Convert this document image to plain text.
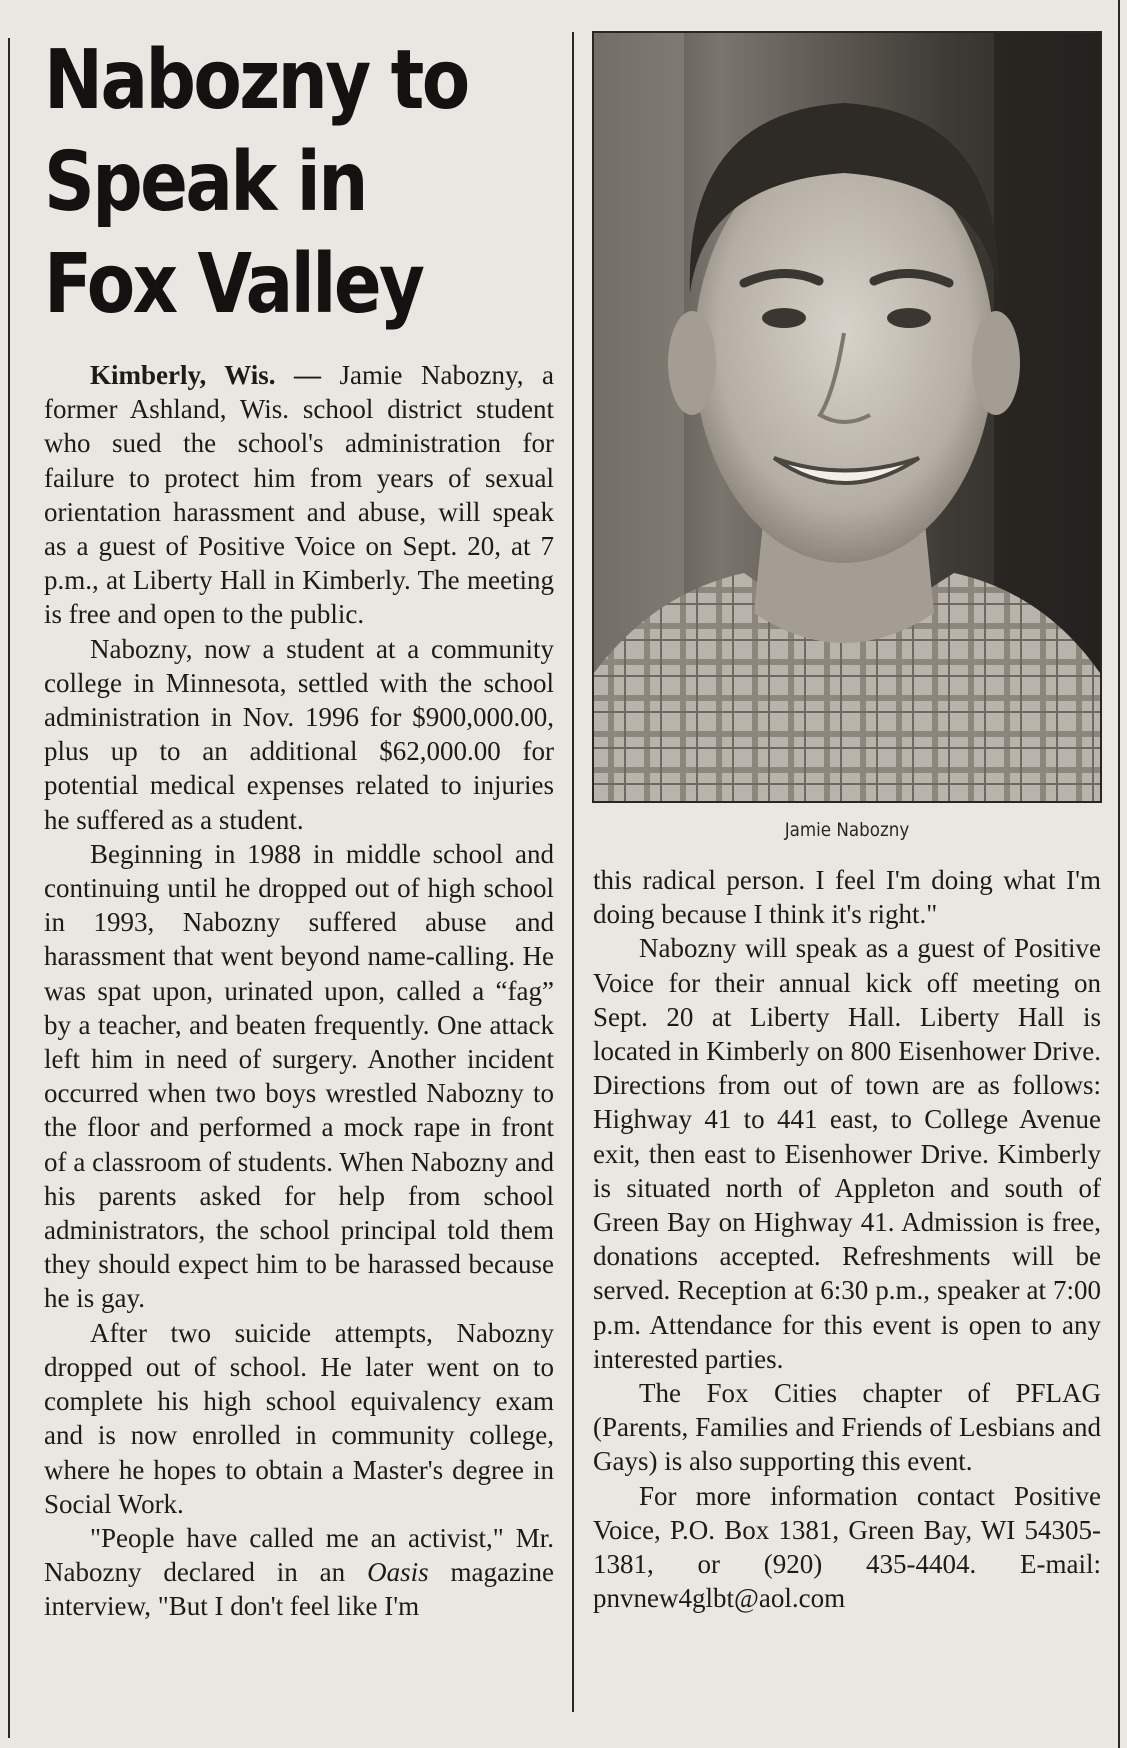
Nabozny to Speak in Fox Valley

Kimberly, Wis. — Jamie Nabozny, a former Ashland, Wis. school district student who sued the school's administration for failure to protect him from years of sexual orientation harassment and abuse, will speak as a guest of Positive Voice on Sept. 20, at 7 p.m., at Liberty Hall in Kimberly. The meeting is free and open to the public.

Nabozny, now a student at a community college in Minnesota, settled with the school administration in Nov. 1996 for $900,000.00, plus up to an additional $62,000.00 for potential medical expenses related to injuries he suffered as a student.

Beginning in 1988 in middle school and continuing until he dropped out of high school in 1993, Nabozny suffered abuse and harassment that went beyond name-calling. He was spat upon, urinated upon, called a “fag” by a teacher, and beaten frequently. One attack left him in need of surgery. Another incident occurred when two boys wrestled Nabozny to the floor and performed a mock rape in front of a classroom of students. When Nabozny and his parents asked for help from school administrators, the school principal told them they should expect him to be harassed because he is gay.

After two suicide attempts, Nabozny dropped out of school. He later went on to complete his high school equivalency exam and is now enrolled in community college, where he hopes to obtain a Master's degree in Social Work.

"People have called me an activist," Mr. Nabozny declared in an Oasis magazine interview, "But I don't feel like I'm

Jamie Nabozny

this radical person. I feel I'm doing what I'm doing because I think it's right."

Nabozny will speak as a guest of Positive Voice for their annual kick off meeting on Sept. 20 at Liberty Hall. Liberty Hall is located in Kimberly on 800 Eisenhower Drive. Directions from out of town are as follows: Highway 41 to 441 east, to College Avenue exit, then east to Eisenhower Drive. Kimberly is situated north of Appleton and south of Green Bay on Highway 41. Admission is free, donations accepted. Refreshments will be served. Reception at 6:30 p.m., speaker at 7:00 p.m. Attendance for this event is open to any interested parties.

The Fox Cities chapter of PFLAG (Parents, Families and Friends of Lesbians and Gays) is also supporting this event.

For more information contact Positive Voice, P.O. Box 1381, Green Bay, WI 54305-1381, or (920) 435-4404. E-mail: pnvnew4glbt@aol.com
